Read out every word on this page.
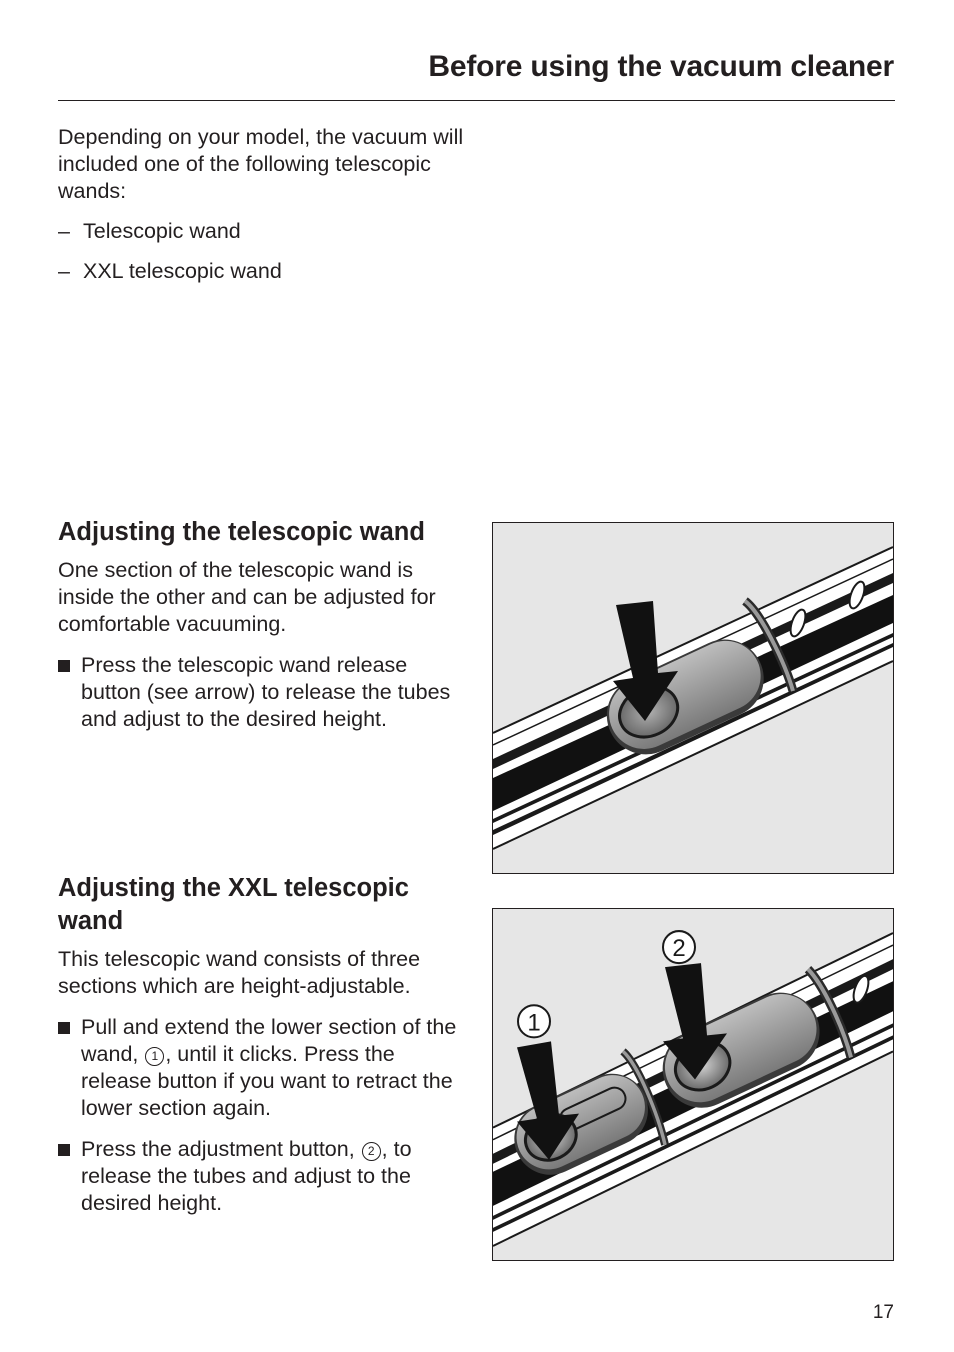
Before using the vacuum cleaner

Depending on your model, the vacuum will included one of the following telescopic wands:

– Telescopic wand
– XXL telescopic wand
Adjusting the telescopic wand

One section of the telescopic wand is inside the other and can be adjusted for comfortable vacuuming.

Press the telescopic wand release button (see arrow) to release the tubes and adjust to the desired height.
Adjusting the XXL telescopic wand

This telescopic wand consists of three sections which are height-adjustable.

Pull and extend the lower section of the wand, 1 , until it clicks. Press the release button if you want to retract the lower section again.
Press the adjustment button, 2 , to release the tubes and adjust to the desired height.
2
1
17
